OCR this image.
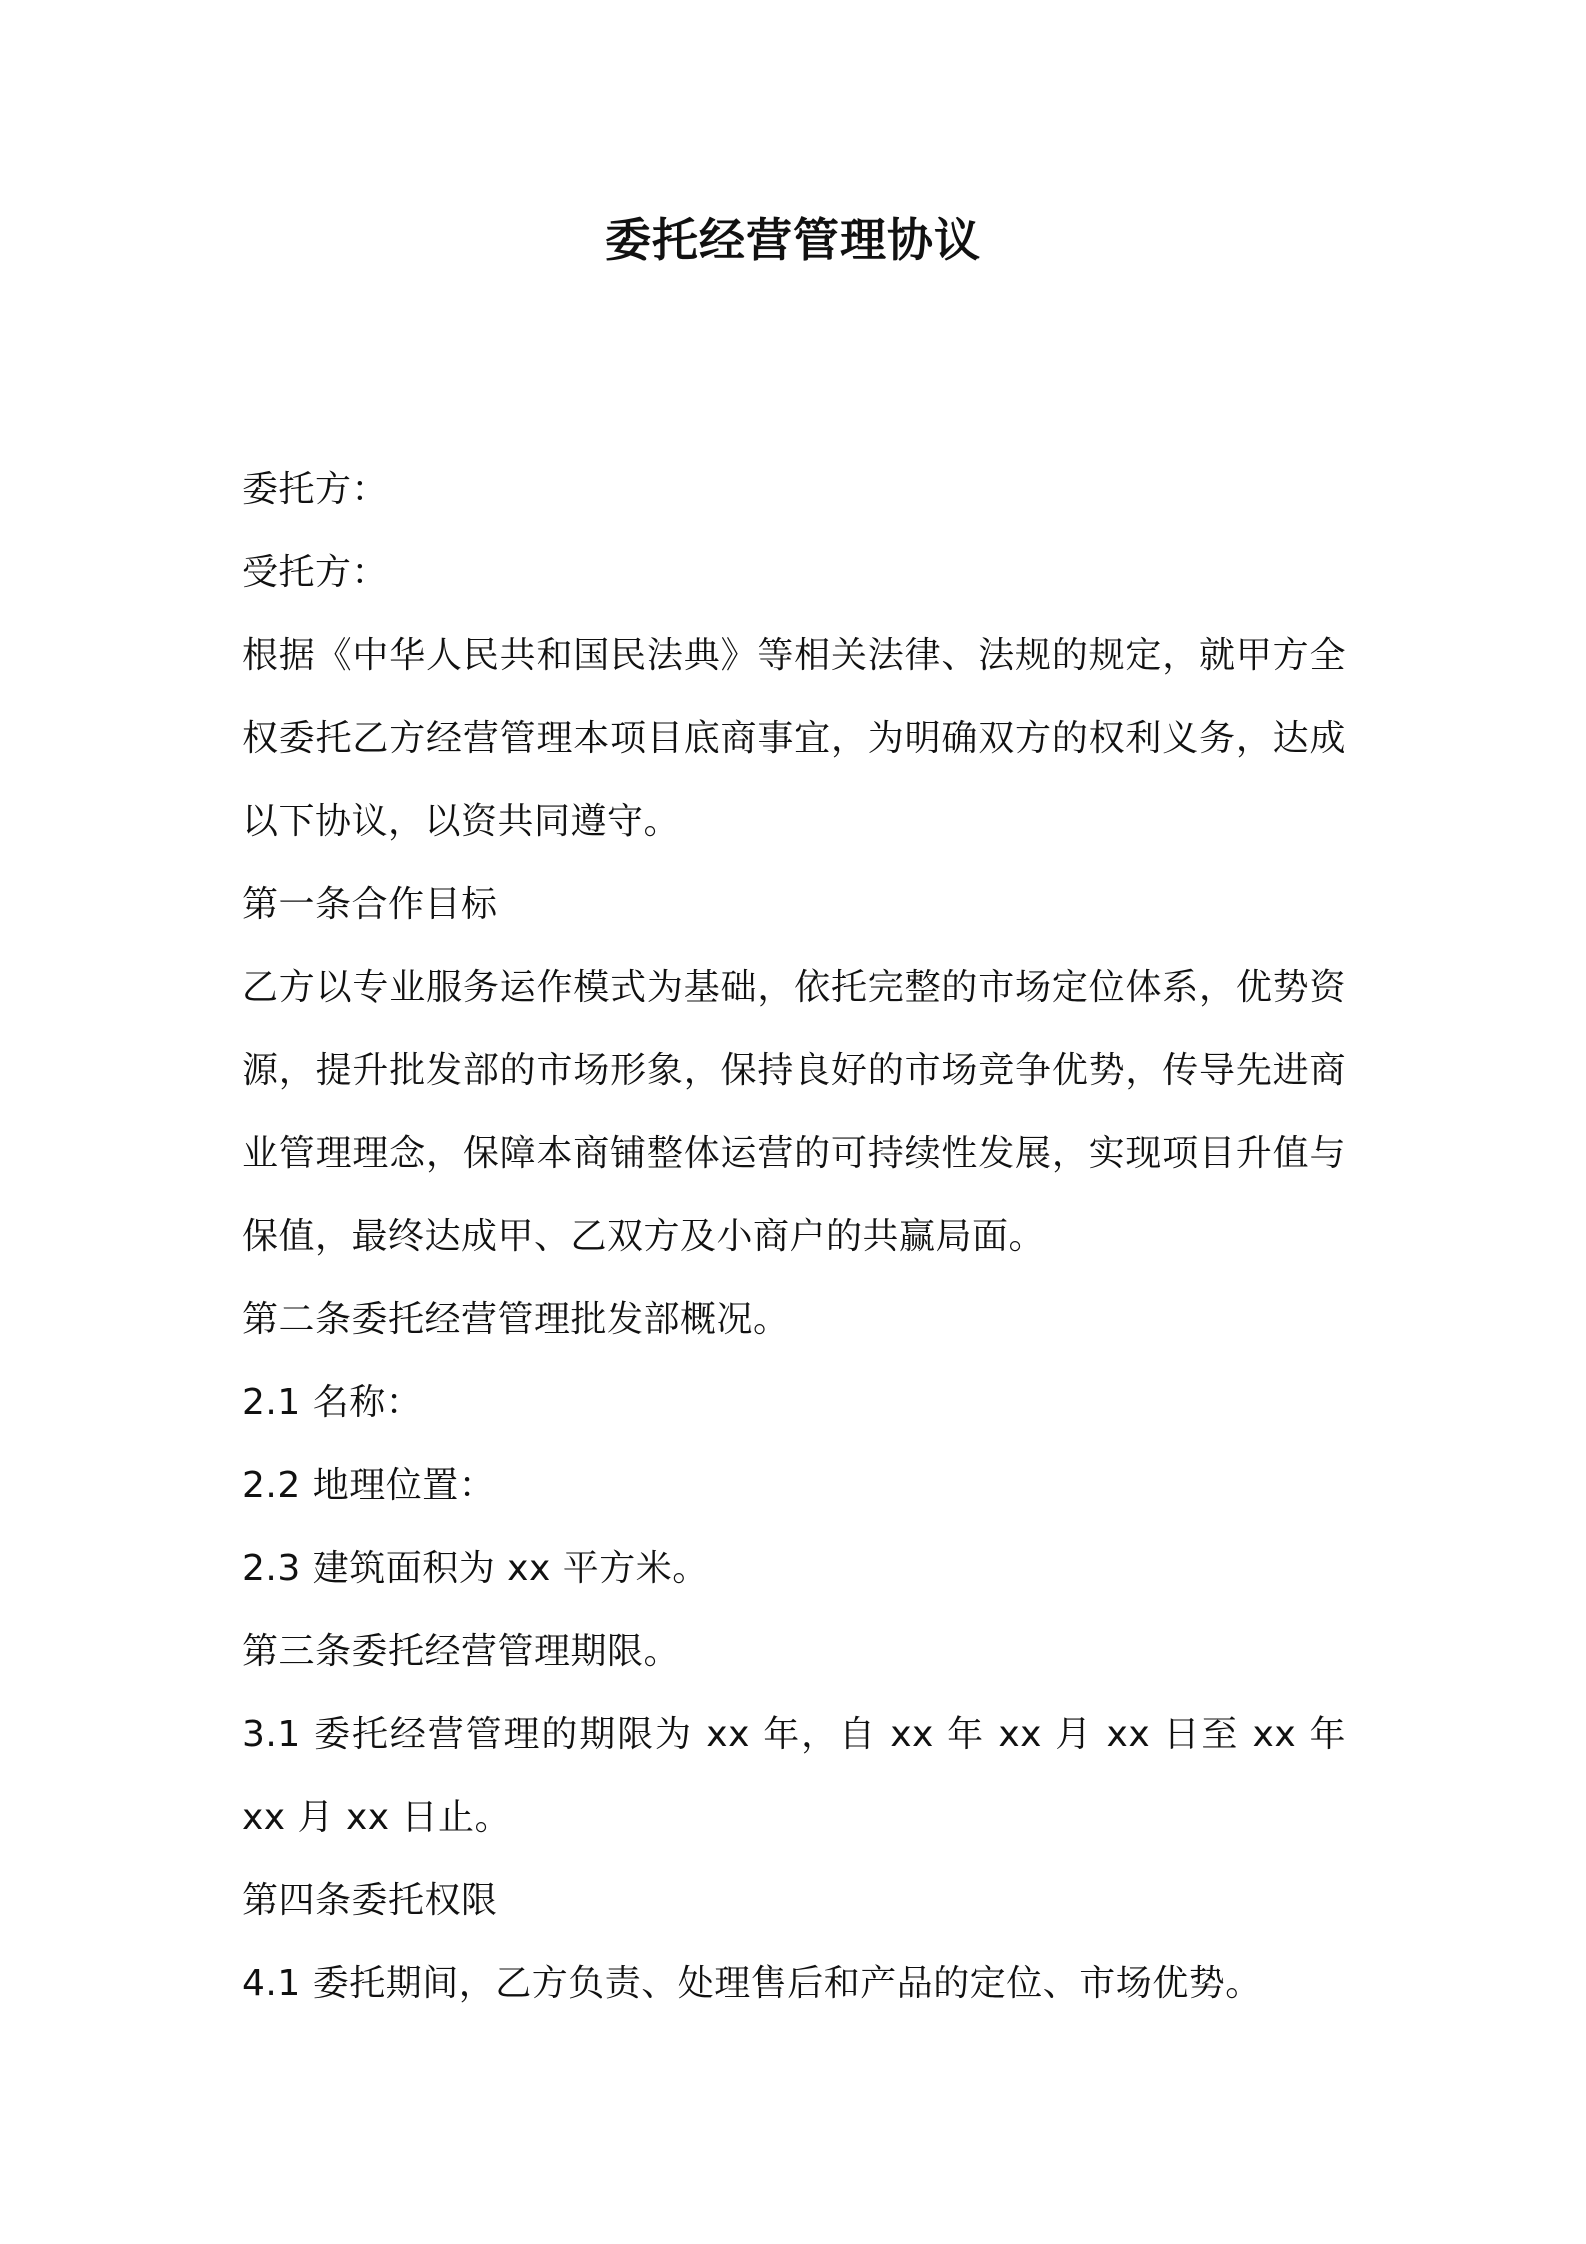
委托经营管理协议

委托方：

受托方：

根据《中华人民共和国民法典》等相关法律、法规的规定，就甲方全权委托乙方经营管理本项目底商事宜，为明确双方的权利义务，达成以下协议，以资共同遵守。

第一条合作目标

乙方以专业服务运作模式为基础，依托完整的市场定位体系，优势资源，提升批发部的市场形象，保持良好的市场竞争优势，传导先进商业管理理念，保障本商铺整体运营的可持续性发展，实现项目升值与保值，最终达成甲、乙双方及小商户的共赢局面。

第二条委托经营管理批发部概况。

2.1 名称：

2.2 地理位置：

2.3 建筑面积为 xx 平方米。

第三条委托经营管理期限。

3.1 委托经营管理的期限为 xx 年，自 xx 年 xx 月 xx 日至 xx 年 xx 月 xx 日止。

第四条委托权限

4.1 委托期间，乙方负责、处理售后和产品的定位、市场优势。
